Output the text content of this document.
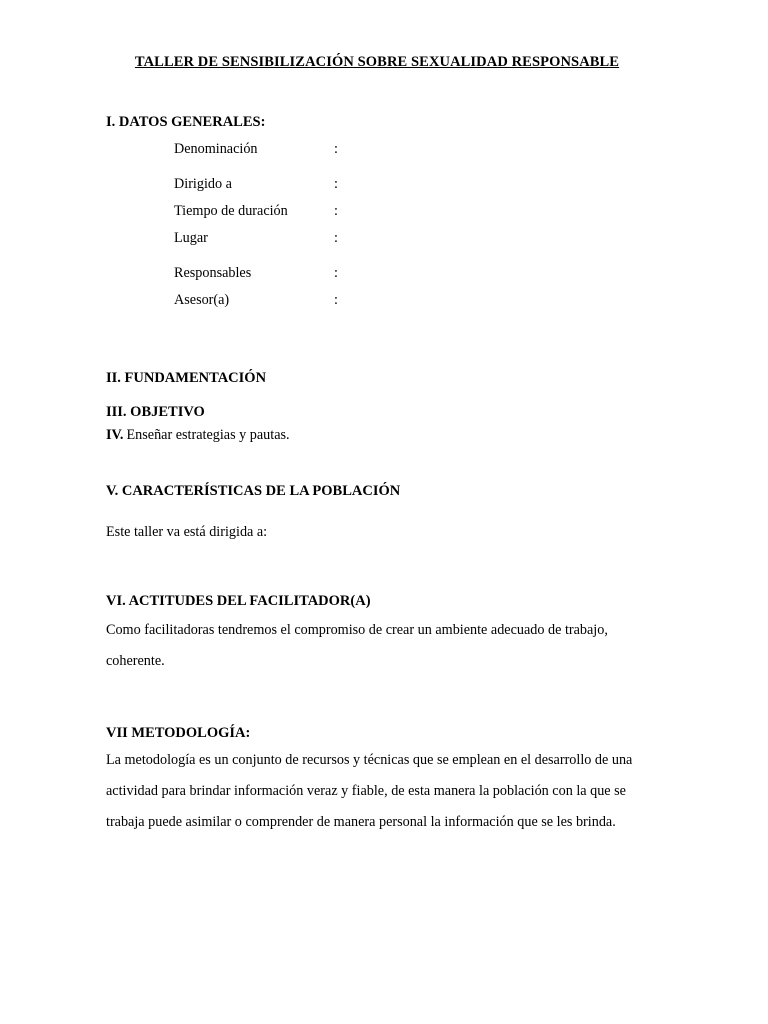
TALLER DE SENSIBILIZACIÓN SOBRE SEXUALIDAD RESPONSABLE
I. DATOS GENERALES:
Denominación	:
Dirigido a	:
Tiempo de duración	:
Lugar	:
Responsables	:
Asesor(a)	:
II. FUNDAMENTACIÓN
III. OBJETIVO

IV. Enseñar estrategias y pautas.

V. CARACTERÍSTICAS DE LA POBLACIÓN

Este taller va está dirigida a:

VI. ACTITUDES DEL FACILITADOR(A)

Como facilitadoras tendremos el compromiso de crear un ambiente adecuado de trabajo, coherente.

VII METODOLOGÍA:

La metodología es un conjunto de recursos y técnicas que se emplean en el desarrollo de una actividad para brindar información veraz y fiable, de esta manera la población con la que se trabaja puede asimilar o comprender de manera personal la información que se les brinda.
